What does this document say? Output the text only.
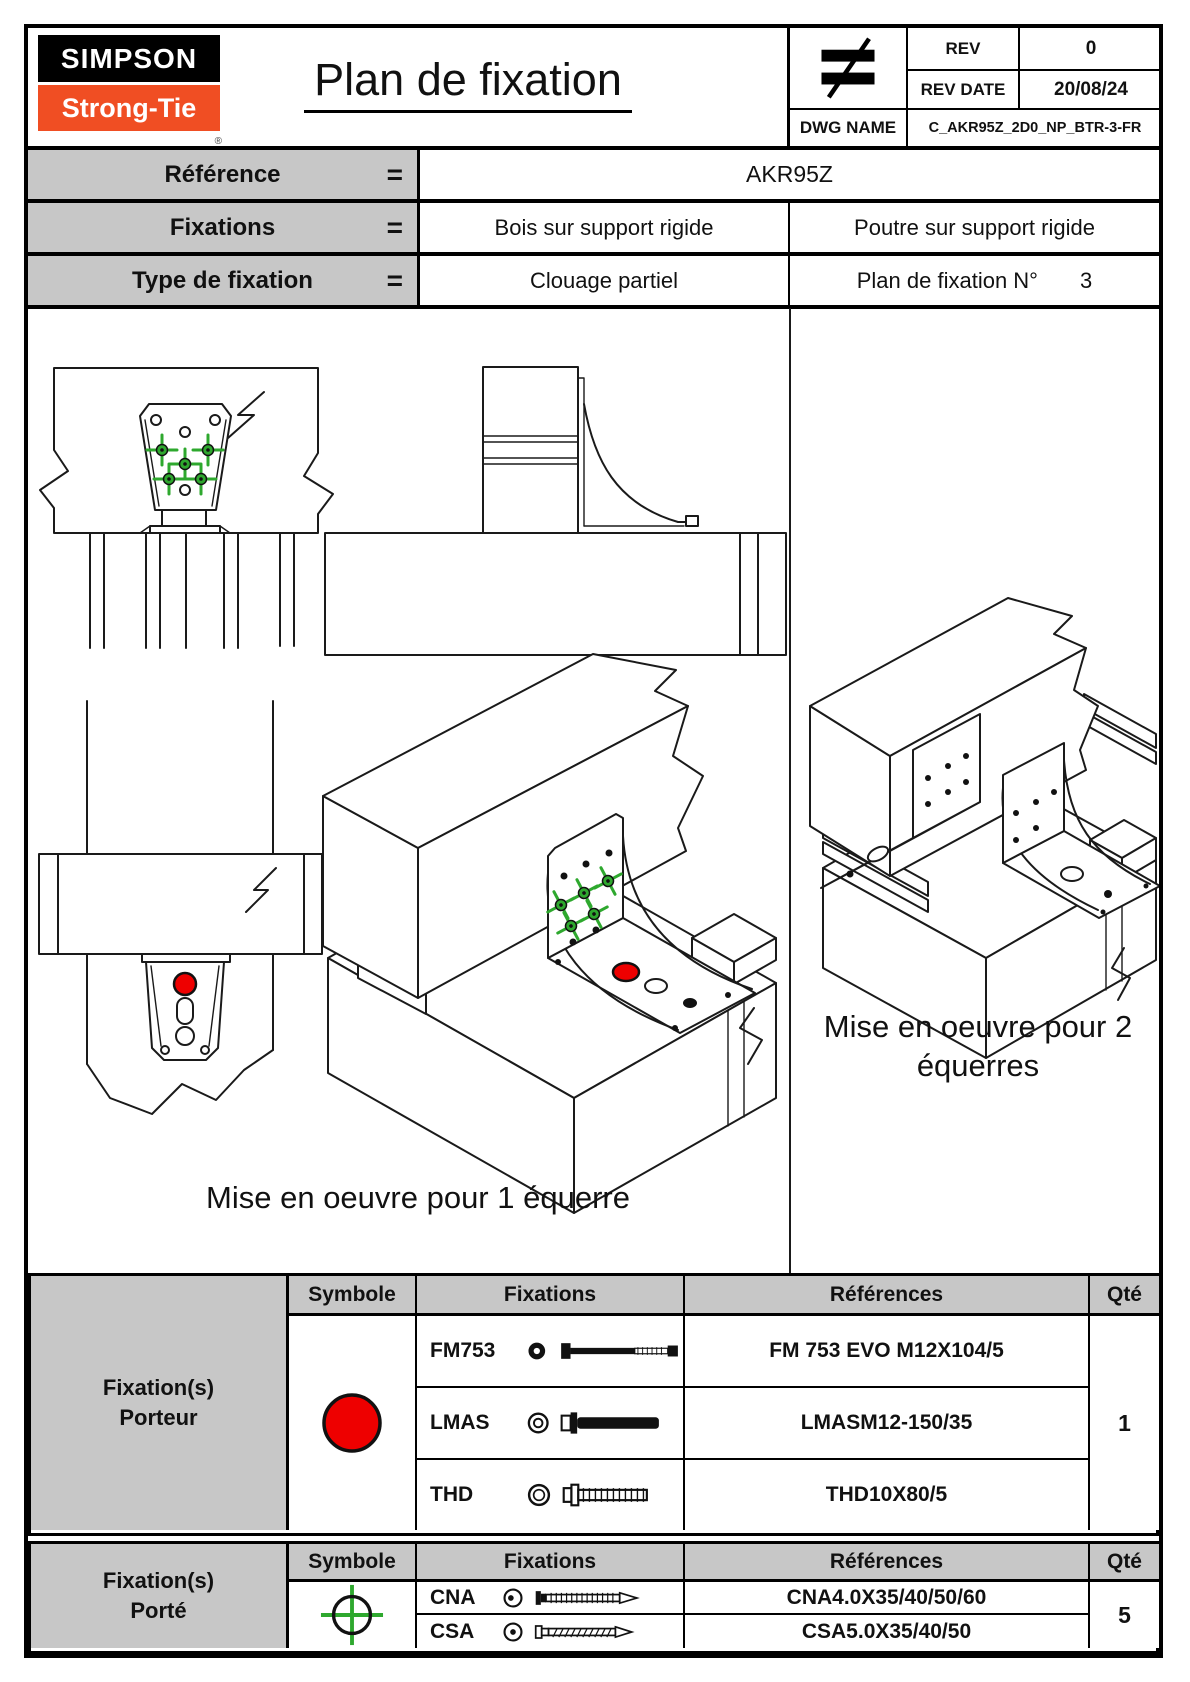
SIMPSON
Strong-Tie
®
Plan de fixation
REV	0
REV DATE	20/08/24
DWG NAME	C_AKR95Z_2D0_NP_BTR-3-FR
Référence	=	AKR95Z
Fixations	=	Bois sur support rigide	Poutre sur support rigide
Type de fixation	=	Clouage partiel	Plan de fixation N° 3
Mise en oeuvre pour 1 équerre
Mise en oeuvre pour 2 équerres
Fixation(s)
Porteur
Symbole	Fixations	Références	Qté
FM753	FM 753 EVO M12X104/5
LMAS	LMASM12-150/35
THD	THD10X80/5
1
Fixation(s)
Porté
Symbole	Fixations	Références	Qté
CNA	CNA4.0X35/40/50/60
CSA	CSA5.0X35/40/50
5
